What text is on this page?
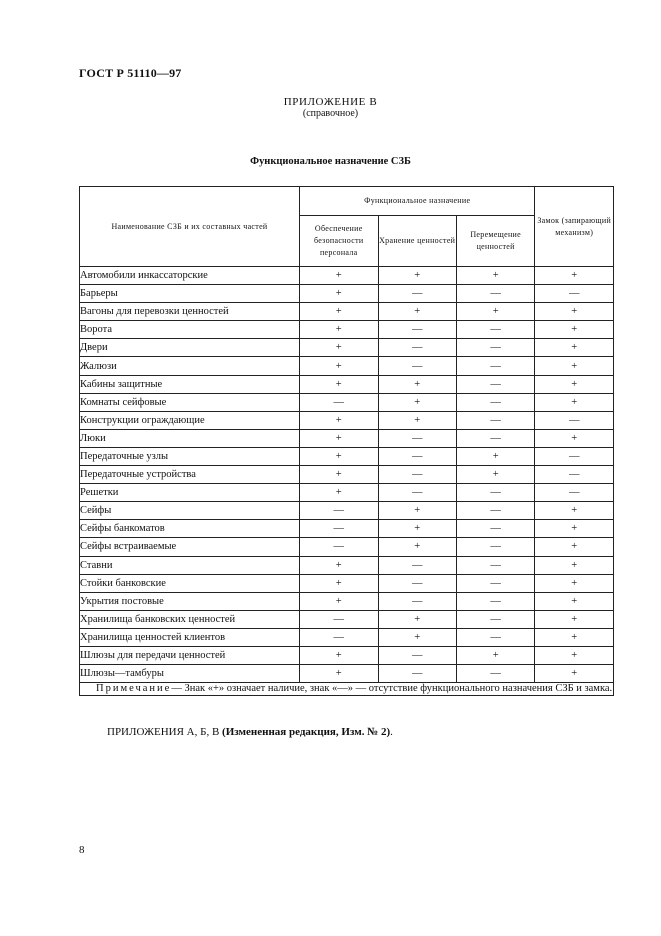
ГОСТ Р 51110—97
ПРИЛОЖЕНИЕ В
(справочное)
Функциональное назначение СЗБ
Наименование СЗБ и их составных частей	Функциональное назначение			Замок (запирающий механизм)
	Обеспечение безопасности персонала	Хранение ценностей	Перемещение ценностей	
Автомобили инкассаторские	+	+	+	+
Барьеры	+	—	—	—
Вагоны для перевозки ценностей	+	+	+	+
Ворота	+	—	—	+
Двери	+	—	—	+
Жалюзи	+	—	—	+
Кабины защитные	+	+	—	+
Комнаты сейфовые	—	+	—	+
Конструкции ограждающие	+	+	—	—
Люки	+	—	—	+
Передаточные узлы	+	—	+	—
Передаточные устройства	+	—	+	—
Решетки	+	—	—	—
Сейфы	—	+	—	+
Сейфы банкоматов	—	+	—	+
Сейфы встраиваемые	—	+	—	+
Ставни	+	—	—	+
Стойки банковские	+	—	—	+
Укрытия постовые	+	—	—	+
Хранилища банковских ценностей	—	+	—	+
Хранилища ценностей клиентов	—	+	—	+
Шлюзы для передачи ценностей	+	—	+	+
Шлюзы—тамбуры	+	—	—	+
Примечание— Знак «+» означает наличие, знак «—» — отсутствие функционального назначения СЗБ и замка.				
ПРИЛОЖЕНИЯ А, Б, В (Измененная редакция, Изм. № 2).
8
